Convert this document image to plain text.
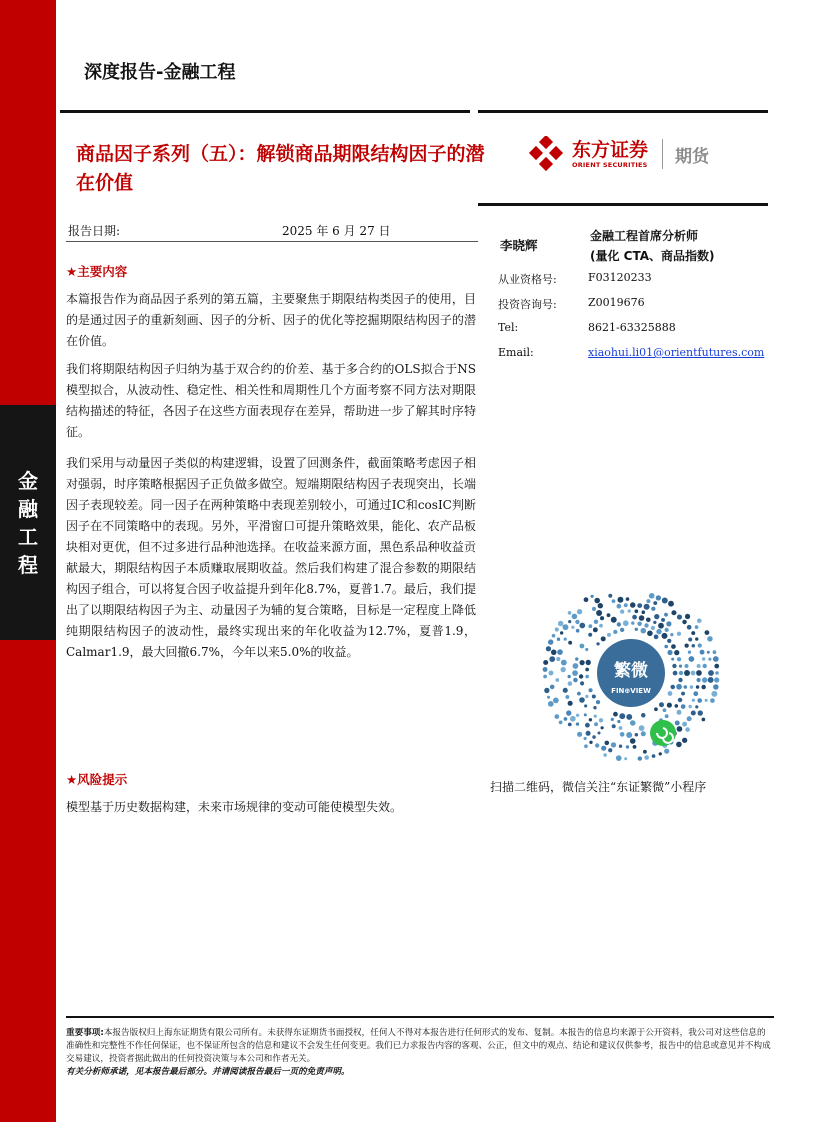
金
融
工
程
深度报告-金融工程
商品因子系列（五）：解锁商品期限结构因子的潜在价值
东方证券
ORIENT SECURITIES 期货
报告日期:	2025 年 6 月 27 日
★主要内容

本篇报告作为商品因子系列的第五篇，主要聚焦于期限结构类因子的使用，目的是通过因子的重新刻画、因子的分析、因子的优化等挖掘期限结构因子的潜在价值。

我们将期限结构因子归纳为基于双合约的价差、基于多合约的OLS拟合于NS模型拟合，从波动性、稳定性、相关性和周期性几个方面考察不同方法对期限结构描述的特征，各因子在这些方面表现存在差异，帮助进一步了解其时序特征。

我们采用与动量因子类似的构建逻辑，设置了回测条件，截面策略考虑因子相对强弱，时序策略根据因子正负做多做空。短端期限结构因子表现突出，长端因子表现较差。同一因子在两种策略中表现差别较小，可通过IC和cosIC判断因子在不同策略中的表现。另外，平滑窗口可提升策略效果，能化、农产品板块相对更优，但不过多进行品种池选择。在收益来源方面，黑色系品种收益贡献最大，期限结构因子本质赚取展期收益。然后我们构建了混合参数的期限结构因子组合，可以将复合因子收益提升到年化8.7%，夏普1.7。最后，我们提出了以期限结构因子为主、动量因子为辅的复合策略，目标是一定程度上降低纯期限结构因子的波动性，最终实现出来的年化收益为12.7%，夏普1.9，Calmar1.9，最大回撤6.7%，今年以来5.0%的收益。

★风险提示

模型基于历史数据构建，未来市场规律的变动可能使模型失效。

李晓辉
金融工程首席分析师
(量化 CTA、商品指数)
从业资格号:	F03120233
投资咨询号:	Z0019676
Tel:	8621-63325888
Email:	xiaohui.li01@orientfutures.com
繁微
FIN⊕VIEW
扫描二维码，微信关注“东证繁微”小程序
重要事项:本报告版权归上海东证期货有限公司所有。未获得东证期货书面授权，任何人不得对本报告进行任何形式的发布、复制。本报告的信息均来源于公开资料，我公司对这些信息的准确性和完整性不作任何保证，也不保证所包含的信息和建议不会发生任何变更。我们已力求报告内容的客观、公正，但文中的观点、结论和建议仅供参考，报告中的信息或意见并不构成交易建议，投资者据此做出的任何投资决策与本公司和作者无关。
有关分析师承诺，见本报告最后部分。并请阅读报告最后一页的免责声明。
